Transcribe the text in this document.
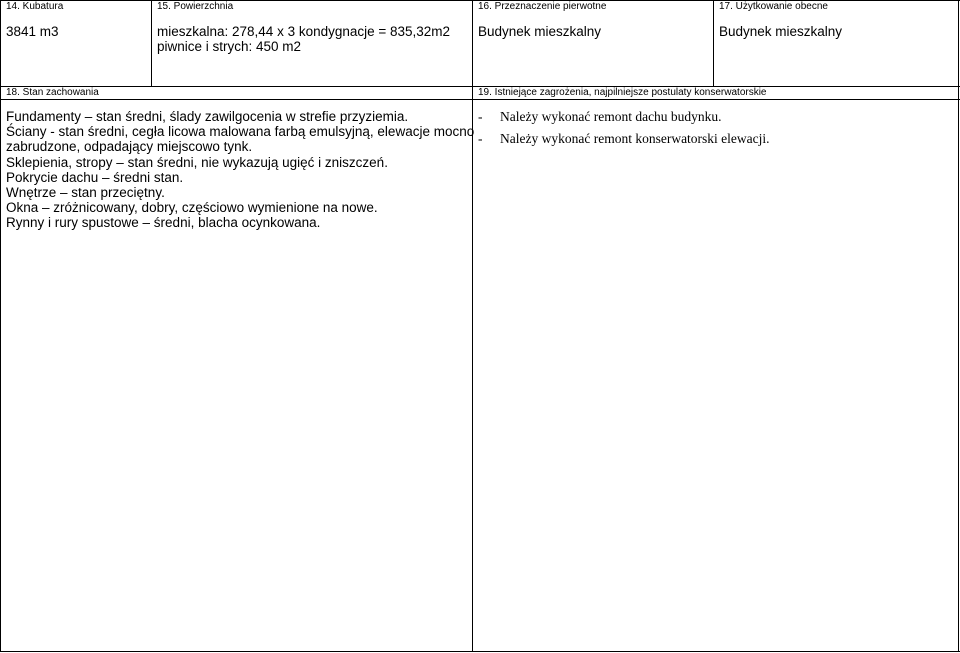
14. Kubatura
3841 m3
15. Powierzchnia
mieszkalna: 278,44 x 3 kondygnacje = 835,32m2
piwnice i strych: 450 m2
16. Przeznaczenie pierwotne
Budynek mieszkalny
17. Użytkowanie obecne
Budynek mieszkalny
18. Stan zachowania
Fundamenty – stan średni, ślady zawilgocenia w strefie przyziemia.
Ściany - stan średni, cegła licowa malowana farbą emulsyjną, elewacje mocno
zabrudzone, odpadający miejscowo tynk.
Sklepienia, stropy – stan średni, nie wykazują ugięć i zniszczeń.
Pokrycie dachu – średni stan.
Wnętrze – stan przeciętny.
Okna – zróżnicowany, dobry, częściowo wymienione na nowe.
Rynny i rury spustowe – średni, blacha ocynkowana.
19. Istniejące zagrożenia, najpilniejsze postulaty konserwatorskie
- Należy wykonać remont dachu budynku.
- Należy wykonać remont konserwatorski elewacji.
